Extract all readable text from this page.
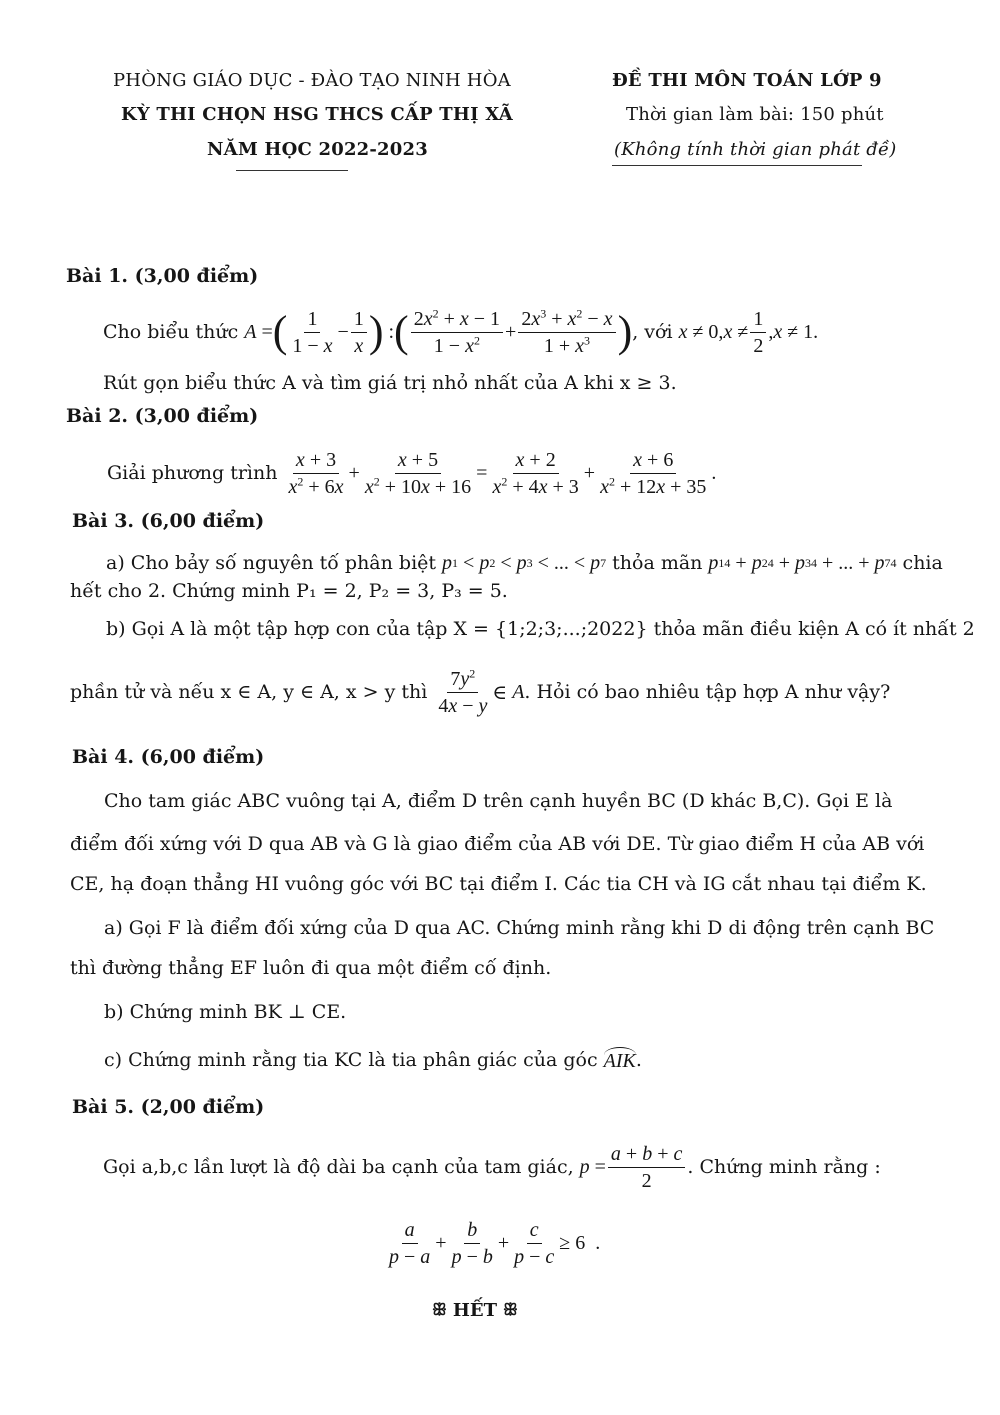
PHÒNG GIÁO DỤC - ĐÀO TẠO NINH HÒA
KỲ THI CHỌN HSG THCS CẤP THỊ XÃ
NĂM HỌC 2022-2023
ĐỀ THI MÔN TOÁN LỚP 9
Thời gian làm bài: 150 phút
(Không tính thời gian phát đề)
Bài 1. (3,00 điểm)
Cho biểu thức A = ( $\frac{1}{1 - x} - \frac{1}{x}$ ) : ( $\frac{2x^2 + x - 1}{1 - x^2} + \frac{2x^3 + x^2 - x}{1 + x^3}$ ) , với x ≠ 0, $x \ne \frac{1}{2}$ , x ≠ 1.
Rút gọn biểu thức A và tìm giá trị nhỏ nhất của A khi x ≥ 3.
Bài 2. (3,00 điểm)
Giải phương trình $\frac{x + 3}{x^2 + 6x} + \frac{x + 5}{x^2 + 10x + 16} = \frac{x + 2}{x^2 + 4x + 3} + \frac{x + 6}{x^2 + 12x + 35}$ .
Bài 3. (6,00 điểm)
a) Cho bảy số nguyên tố phân biệt p 1 < p 2 < p 3 < ... < p 7 thỏa mãn p 1 4 + p 2 4 + p 3 4 + ... + p 7 4 chia
hết cho 2. Chứng minh P₁ = 2, P₂ = 3, P₃ = 5.
b) Gọi A là một tập hợp con của tập X = {1;2;3;...;2022} thỏa mãn điều kiện A có ít nhất 2
phần tử và nếu x ∈ A, y ∈ A, x > y thì $\frac{7y^2}{4x - y}$ ∈ A . Hỏi có bao nhiêu tập hợp A như vậy?
Bài 4. (6,00 điểm)
Cho tam giác ABC vuông tại A, điểm D trên cạnh huyền BC (D khác B,C). Gọi E là
điểm đối xứng với D qua AB và G là giao điểm của AB với DE. Từ giao điểm H của AB với
CE, hạ đoạn thẳng HI vuông góc với BC tại điểm I. Các tia CH và IG cắt nhau tại điểm K.
a) Gọi F là điểm đối xứng của D qua AC. Chứng minh rằng khi D di động trên cạnh BC
thì đường thẳng EF luôn đi qua một điểm cố định.
b) Chứng minh BK ⊥ CE.
c) Chứng minh rằng tia KC là tia phân giác của góc AIK .
Bài 5. (2,00 điểm)
Gọi a,b,c lần lượt là độ dài ba cạnh của tam giác, $p = \frac{a + b + c}{2}$ . Chứng minh rằng :
$\frac{a}{p - a} + \frac{b}{p - b} + \frac{c}{p - c} \ge 6$  .
ꕥ HẾT ꕥ
